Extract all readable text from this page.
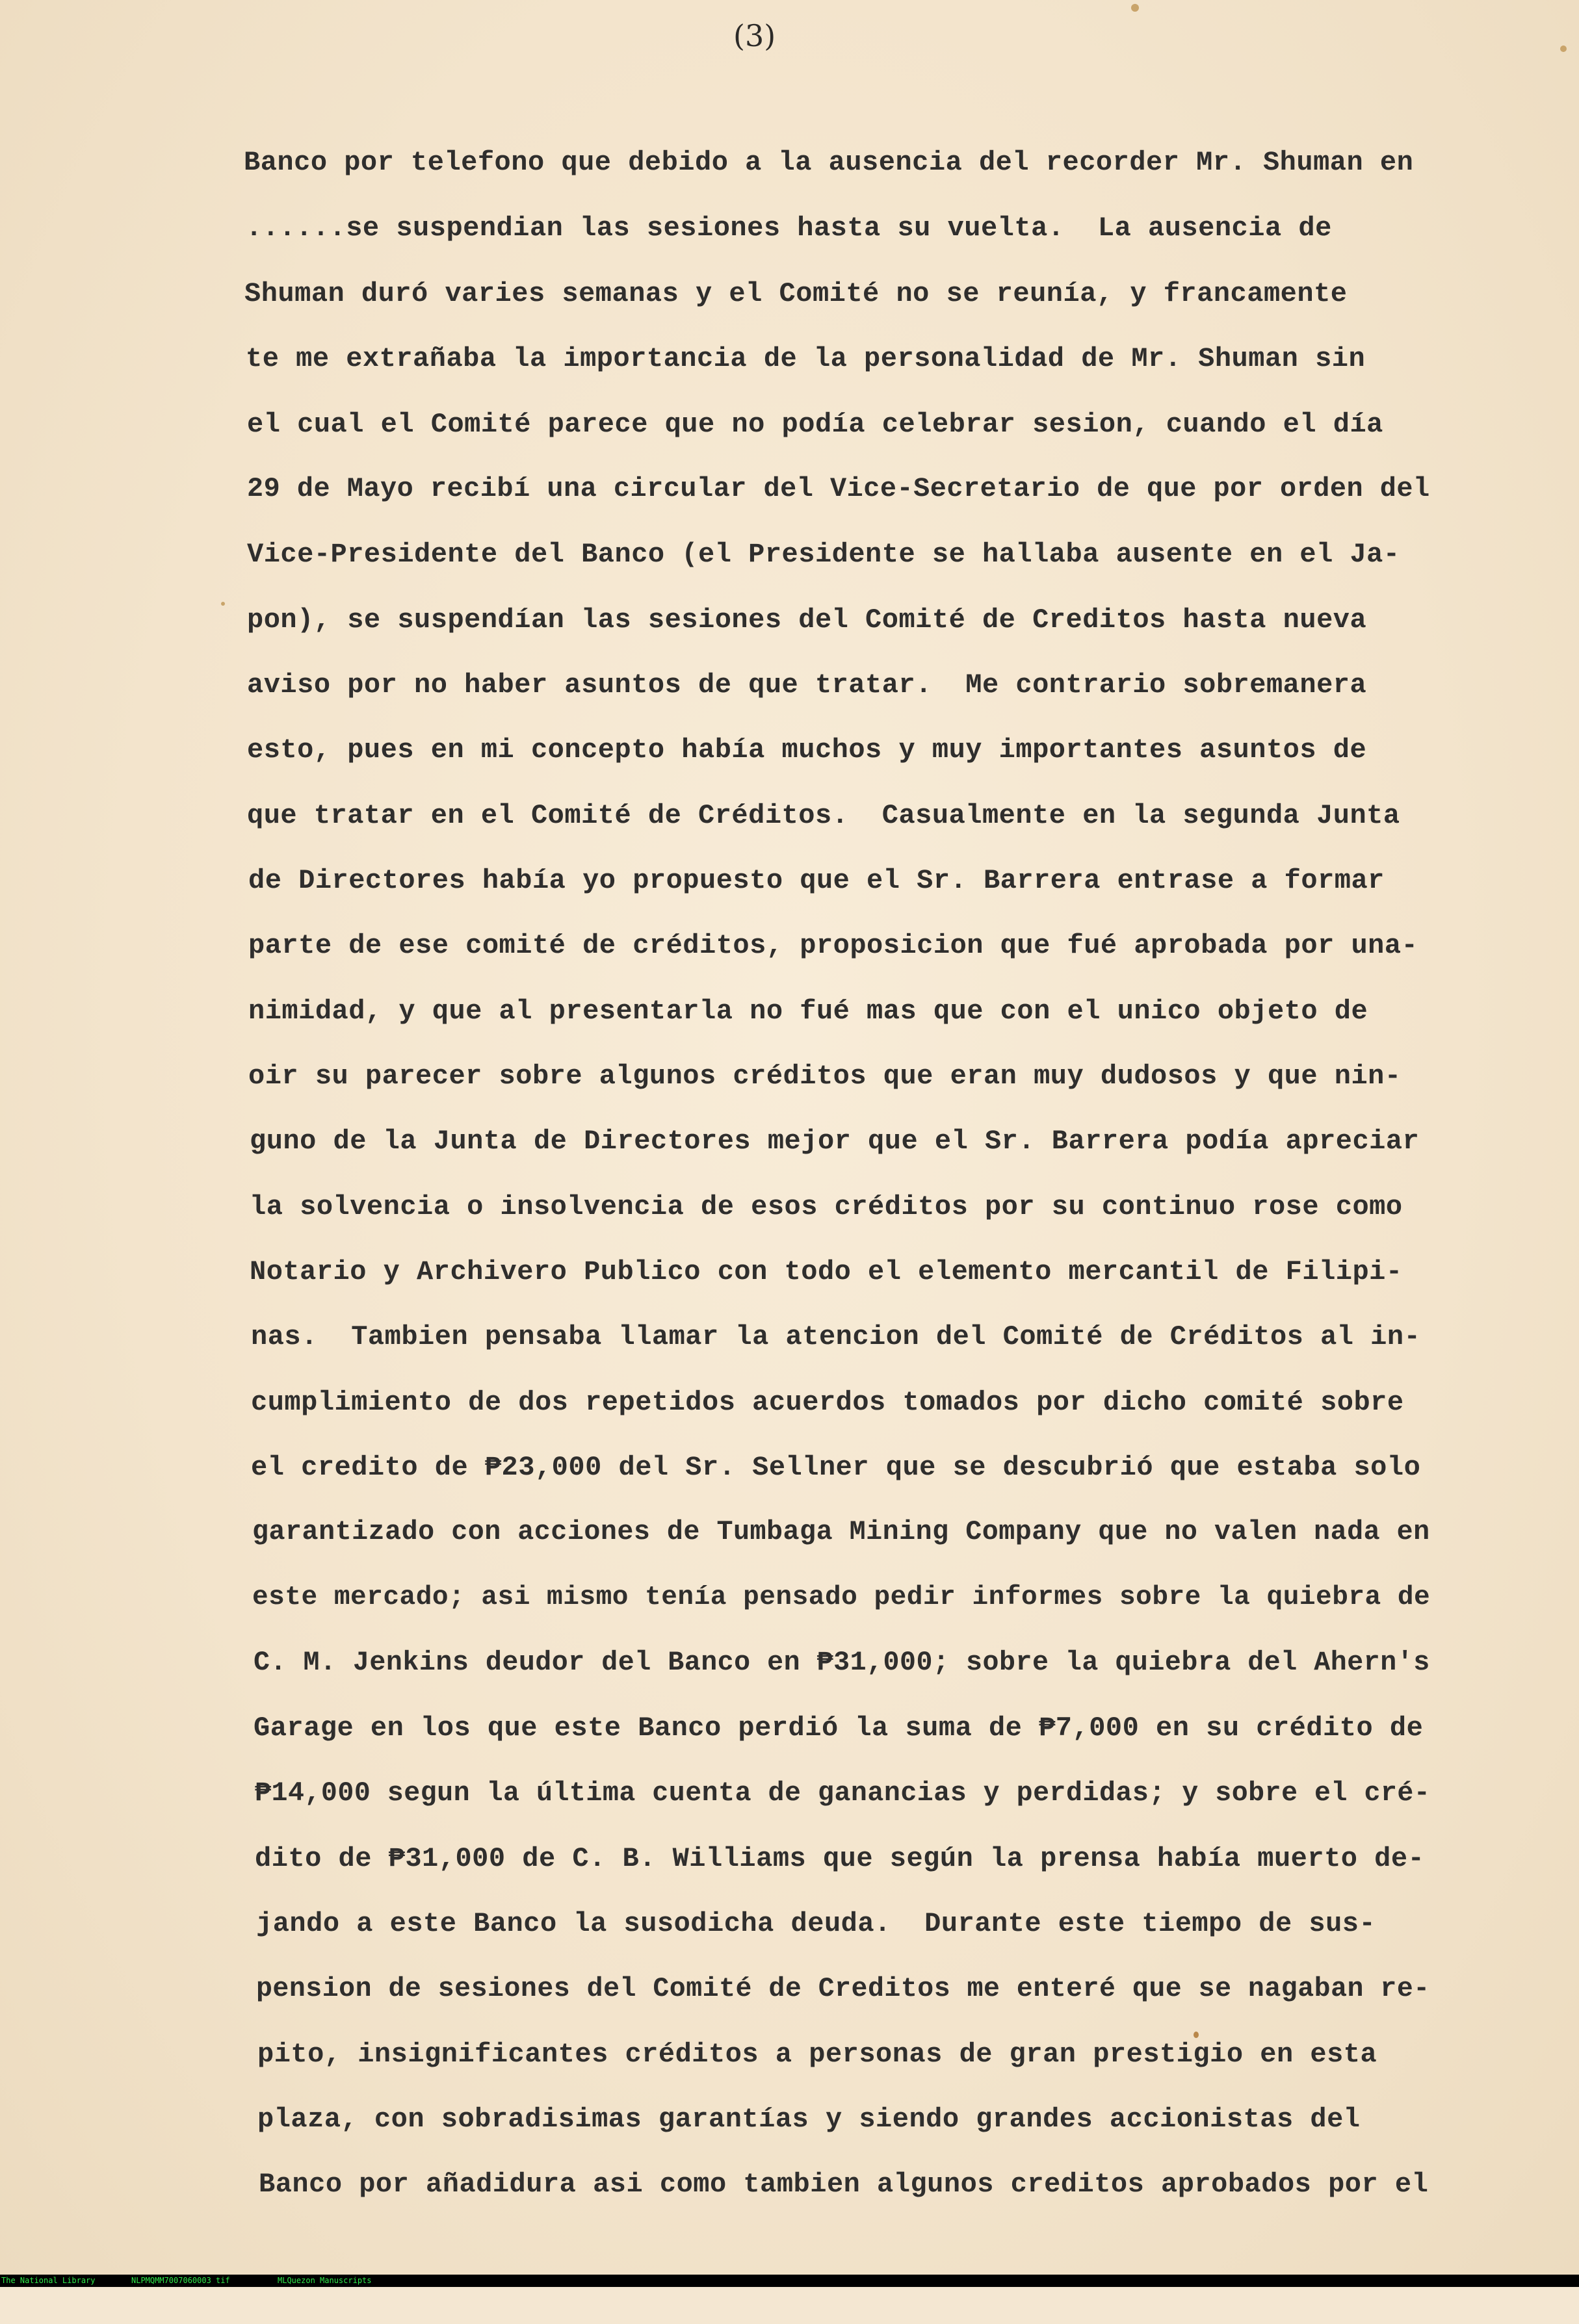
(3)
Banco por telefono que debido a la ausencia del recorder Mr. Shuman en
......se suspendian las sesiones hasta su vuelta.  La ausencia de
Shuman duró varies semanas y el Comité no se reunía, y francamente
te me extrañaba la importancia de la personalidad de Mr. Shuman sin
el cual el Comité parece que no podía celebrar sesion, cuando el día
29 de Mayo recibí una circular del Vice-Secretario de que por orden del
Vice-Presidente del Banco (el Presidente se hallaba ausente en el Ja-
pon), se suspendían las sesiones del Comité de Creditos hasta nueva
aviso por no haber asuntos de que tratar.  Me contrario sobremanera
esto, pues en mi concepto había muchos y muy importantes asuntos de
que tratar en el Comité de Créditos.  Casualmente en la segunda Junta
de Directores había yo propuesto que el Sr. Barrera entrase a formar
parte de ese comité de créditos, proposicion que fué aprobada por una-
nimidad, y que al presentarla no fué mas que con el unico objeto de
oir su parecer sobre algunos créditos que eran muy dudosos y que nin-
guno de la Junta de Directores mejor que el Sr. Barrera podía apreciar
la solvencia o insolvencia de esos créditos por su continuo rose como
Notario y Archivero Publico con todo el elemento mercantil de Filipi-
nas.  Tambien pensaba llamar la atencion del Comité de Créditos al in-
cumplimiento de dos repetidos acuerdos tomados por dicho comité sobre
el credito de ₱23,000 del Sr. Sellner que se descubrió que estaba solo
garantizado con acciones de Tumbaga Mining Company que no valen nada en
este mercado; asi mismo tenía pensado pedir informes sobre la quiebra de
C. M. Jenkins deudor del Banco en ₱31,000; sobre la quiebra del Ahern's
Garage en los que este Banco perdió la suma de ₱7,000 en su crédito de
₱14,000 segun la última cuenta de ganancias y perdidas; y sobre el cré-
dito de ₱31,000 de C. B. Williams que según la prensa había muerto de-
jando a este Banco la susodicha deuda.  Durante este tiempo de sus-
pension de sesiones del Comité de Creditos me enteré que se nagaban re-
pito, insignificantes créditos a personas de gran prestigio en esta
plaza, con sobradisimas garantías y siendo grandes accionistas del
Banco por añadidura asi como tambien algunos creditos aprobados por el

The National Library

	NLPMQMM7007060003 tif

	MLQuezon Manuscripts
